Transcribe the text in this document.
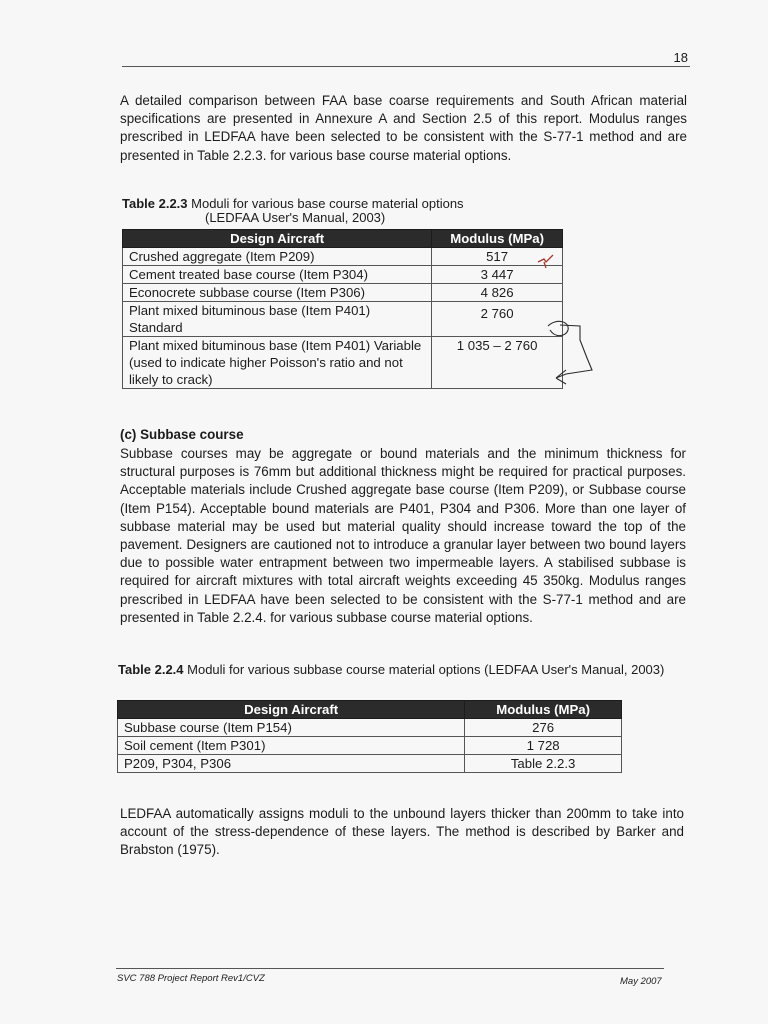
18

A detailed comparison between FAA base coarse requirements and South African material specifications are presented in Annexure A and Section 2.5 of this report. Modulus ranges prescribed in LEDFAA have been selected to be consistent with the S-77-1 method and are presented in Table 2.2.3. for various base course material options.

Table 2.2.3 Moduli for various base course material options
(LEDFAA User's Manual, 2003)

Design Aircraft	Modulus (MPa)
Crushed aggregate (Item P209)	517
Cement treated base course (Item P304)	3 447
Econocrete subbase course (Item P306)	4 826
Plant mixed bituminous base (Item P401) Standard	2 760
Plant mixed bituminous base (Item P401) Variable (used to indicate higher Poisson's ratio and not likely to crack)	1 035 – 2 760

(c) Subbase course

Subbase courses may be aggregate or bound materials and the minimum thickness for structural purposes is 76mm but additional thickness might be required for practical purposes. Acceptable materials include Crushed aggregate base course (Item P209), or Subbase course (Item P154). Acceptable bound materials are P401, P304 and P306. More than one layer of subbase material may be used but material quality should increase toward the top of the pavement. Designers are cautioned not to introduce a granular layer between two bound layers due to possible water entrapment between two impermeable layers. A stabilised subbase is required for aircraft mixtures with total aircraft weights exceeding 45 350kg. Modulus ranges prescribed in LEDFAA have been selected to be consistent with the S-77-1 method and are presented in Table 2.2.4. for various subbase course material options.

Table 2.2.4 Moduli for various subbase course material options (LEDFAA User's Manual, 2003)

Design Aircraft	Modulus (MPa)
Subbase course (Item P154)	276
Soil cement (Item P301)	1 728
P209, P304, P306	Table 2.2.3

LEDFAA automatically assigns moduli to the unbound layers thicker than 200mm to take into account of the stress-dependence of these layers. The method is described by Barker and Brabston (1975).

SVC 788 Project Report Rev1/CVZ	May 2007
